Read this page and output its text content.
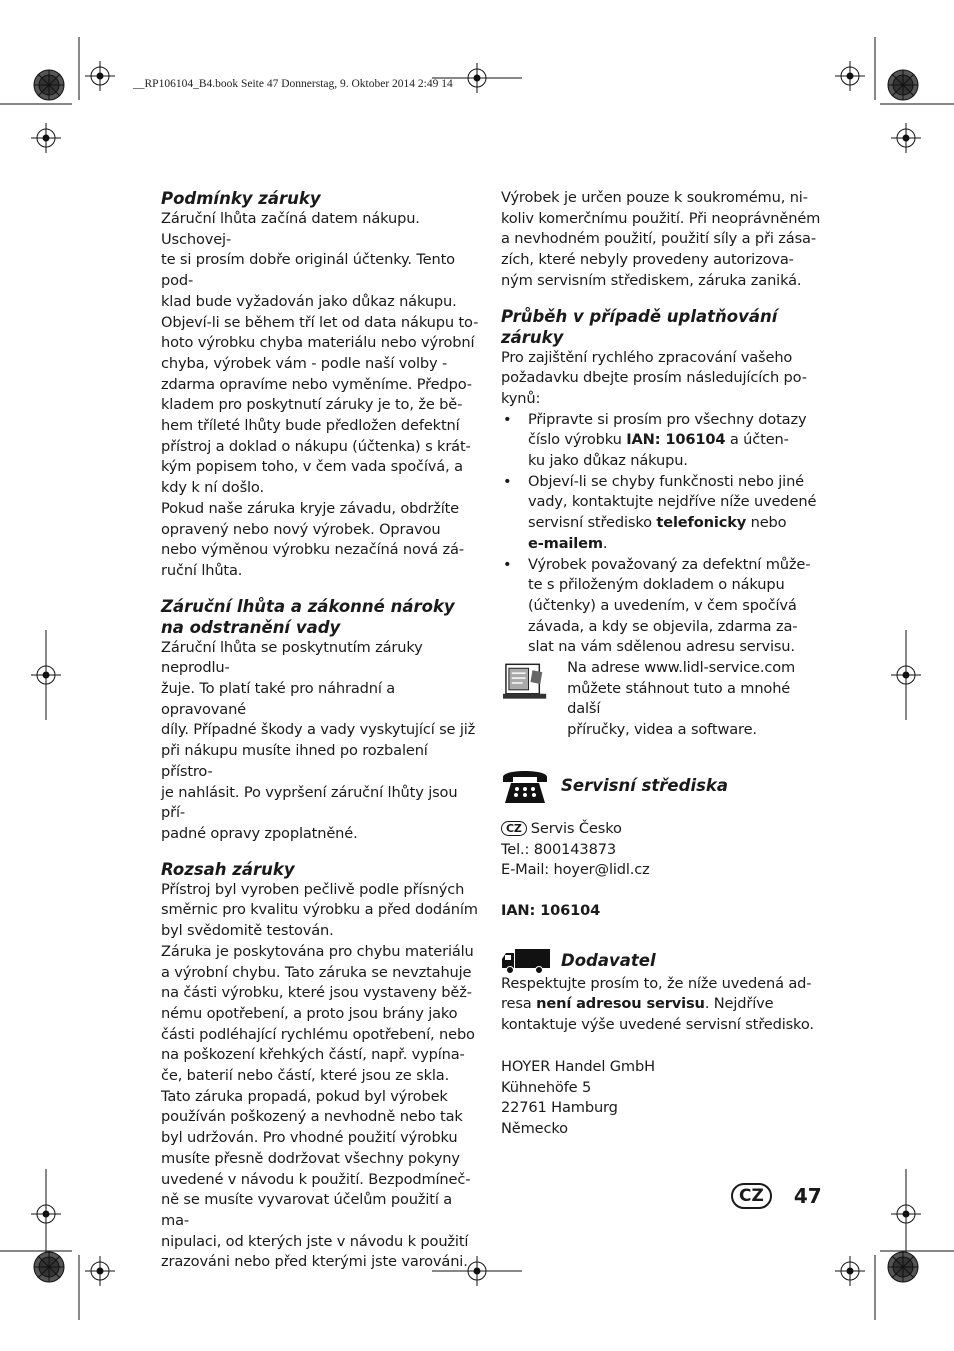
__RP106104_B4.book Seite 47 Donnerstag, 9. Oktober 2014 2:49 14
Podmínky záruky

Záruční lhůta začíná datem nákupu. Uschovej-

te si prosím dobře originál účtenky. Tento pod-

klad bude vyžadován jako důkaz nákupu.

Objeví-li se během tří let od data nákupu to-

hoto výrobku chyba materiálu nebo výrobní

chyba, výrobek vám - podle naší volby -

zdarma opravíme nebo vyměníme. Předpo-

kladem pro poskytnutí záruky je to, že bě-

hem tříleté lhůty bude předložen defektní

přístroj a doklad o nákupu (účtenka) s krát-

kým popisem toho, v čem vada spočívá, a

kdy k ní došlo.

Pokud naše záruka kryje závadu, obdržíte

opravený nebo nový výrobek. Opravou

nebo výměnou výrobku nezačíná nová zá-

ruční lhůta.

Záruční lhůta a zákonné nároky
na odstranění vady

Záruční lhůta se poskytnutím záruky neprodlu-

žuje. To platí také pro náhradní a opravované

díly. Případné škody a vady vyskytující se již

při nákupu musíte ihned po rozbalení přístro-

je nahlásit. Po vypršení záruční lhůty jsou pří-

padné opravy zpoplatněné.

Rozsah záruky

Přístroj byl vyroben pečlivě podle přísných

směrnic pro kvalitu výrobku a před dodáním

byl svědomitě testován.

Záruka je poskytována pro chybu materiálu

a výrobní chybu. Tato záruka se nevztahuje

na části výrobku, které jsou vystaveny běž-

nému opotřebení, a proto jsou brány jako

části podléhající rychlému opotřebení, nebo

na poškození křehkých částí, např. vypína-

če, baterií nebo částí, které jsou ze skla.

Tato záruka propadá, pokud byl výrobek

používán poškozený a nevhodně nebo tak

byl udržován. Pro vhodné použití výrobku

musíte přesně dodržovat všechny pokyny

uvedené v návodu k použití. Bezpodmíneč-

ně se musíte vyvarovat účelům použití a ma-

nipulaci, od kterých jste v návodu k použití

zrazováni nebo před kterými jste varováni.

Výrobek je určen pouze k soukromému, ni-

koliv komerčnímu použití. Při neoprávněném

a nevhodném použití, použití síly a při zása-

zích, které nebyly provedeny autorizova-

ným servisním střediskem, záruka zaniká.

Průběh v případě uplatňování
záruky

Pro zajištění rychlého zpracování vašeho

požadavku dbejte prosím následujících po-

kynů:

• Připravte si prosím pro všechny dotazy
číslo výrobku IAN: 106104 a účten-
ku jako důkaz nákupu.
• Objeví-li se chyby funkčnosti nebo jiné
vady, kontaktujte nejdříve níže uvedené
servisní středisko telefonicky nebo
e-mailem.
• Výrobek považovaný za defektní může-
te s přiloženým dokladem o nákupu
(účtenky) a uvedením, v čem spočívá
závada, a kdy se objevila, zdarma za-
slat na vám sdělenou adresu servisu.

Na adrese www.lidl-service.com

můžete stáhnout tuto a mnohé další

příručky, videa a software.

Servisní střediska

CZ Servis Česko

Tel.: 800143873

E-Mail: hoyer@lidl.cz

IAN: 106104

Dodavatel

Respektujte prosím to, že níže uvedená ad-

resa není adresou servisu. Nejdříve

kontaktuje výše uvedené servisní středisko.

HOYER Handel GmbH

Kühnehöfe 5

22761 Hamburg

Německo

CZ	47
